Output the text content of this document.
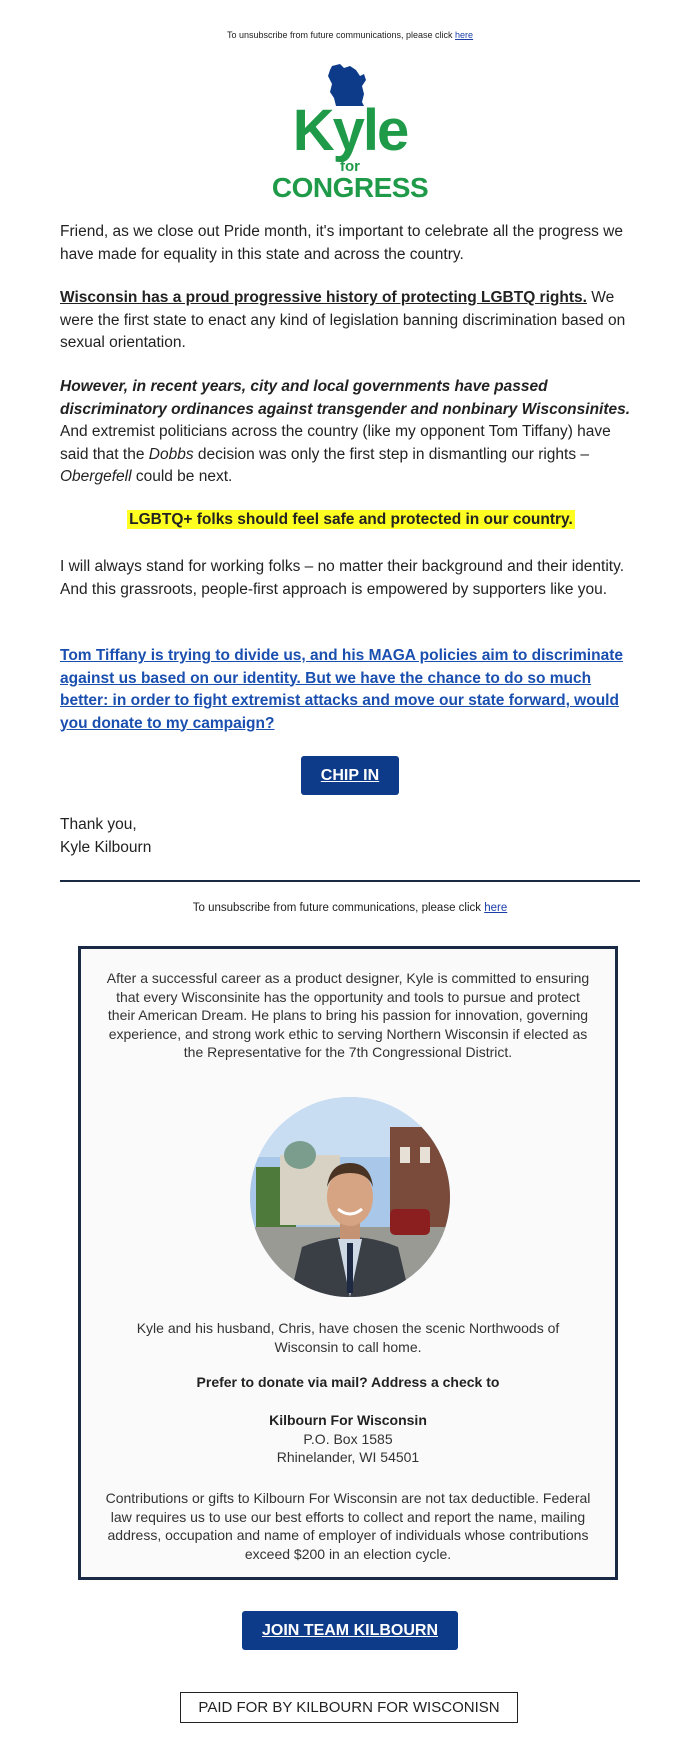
To unsubscribe from future communications, please click here
Kyle
for
CONGRESS
Friend, as we close out Pride month, it's important to celebrate all the progress we have made for equality in this state and across the country.
Wisconsin has a proud progressive history of protecting LGBTQ rights. We were the first state to enact any kind of legislation banning discrimination based on sexual orientation.
However, in recent years, city and local governments have passed discriminatory ordinances against transgender and nonbinary Wisconsinites. And extremist politicians across the country (like my opponent Tom Tiffany) have said that the Dobbs decision was only the first step in dismantling our rights – Obergefell could be next.
LGBTQ+ folks should feel safe and protected in our country.
I will always stand for working folks – no matter their background and their identity. And this grassroots, people-first approach is empowered by supporters like you.
Tom Tiffany is trying to divide us, and his MAGA policies aim to discriminate against us based on our identity. But we have the chance to do so much better: in order to fight extremist attacks and move our state forward, would you donate to my campaign?
CHIP IN
Thank you,
Kyle Kilbourn
To unsubscribe from future communications, please click here
After a successful career as a product designer, Kyle is committed to ensuring that every Wisconsinite has the opportunity and tools to pursue and protect their American Dream. He plans to bring his passion for innovation, governing experience, and strong work ethic to serving Northern Wisconsin if elected as the Representative for the 7th Congressional District.
Kyle and his husband, Chris, have chosen the scenic Northwoods of Wisconsin to call home.
Prefer to donate via mail? Address a check to
Kilbourn For Wisconsin
P.O. Box 1585
Rhinelander, WI 54501
Contributions or gifts to Kilbourn For Wisconsin are not tax deductible. Federal law requires us to use our best efforts to collect and report the name, mailing address, occupation and name of employer of individuals whose contributions exceed $200 in an election cycle.
JOIN TEAM KILBOURN
PAID FOR BY KILBOURN FOR WISCONISN
